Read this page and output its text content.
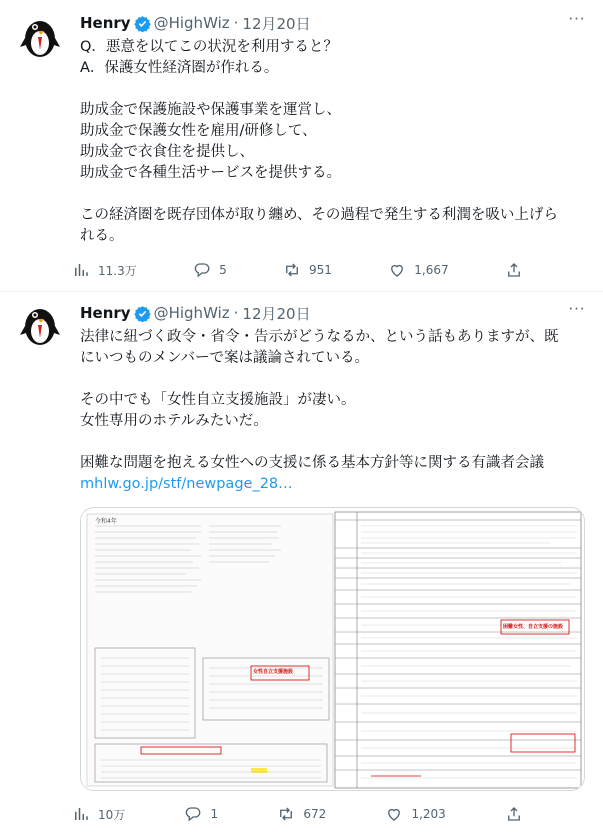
Henry @HighWiz · 12月20日	···

Q．悪意を以てこの状況を利用すると？

A．保護女性経済圏が作れる。

助成金で保護施設や保護事業を運営し、

助成金で保護女性を雇用/研修して、

助成金で衣食住を提供し、

助成金で各種生活サービスを提供する。

この経済圏を既存団体が取り纏め、その過程で発生する利潤を吸い上げら

れる。

11.3万	5	951	1,667
Henry @HighWiz · 12月20日	···

法律に紐づく政令・省令・告示がどうなるか、という話もありますが、既

にいつものメンバーで案は議論されている。

その中でも「女性自立支援施設」が凄い。

女性専用のホテルみたいだ。

困難な問題を抱える女性への支援に係る基本方針等に関する有識者会議

mhlw.go.jp/stf/newpage_28…

令和4年
女性自立支援施設
困難女性、自立支援の施設
10万	1	672	1,203
